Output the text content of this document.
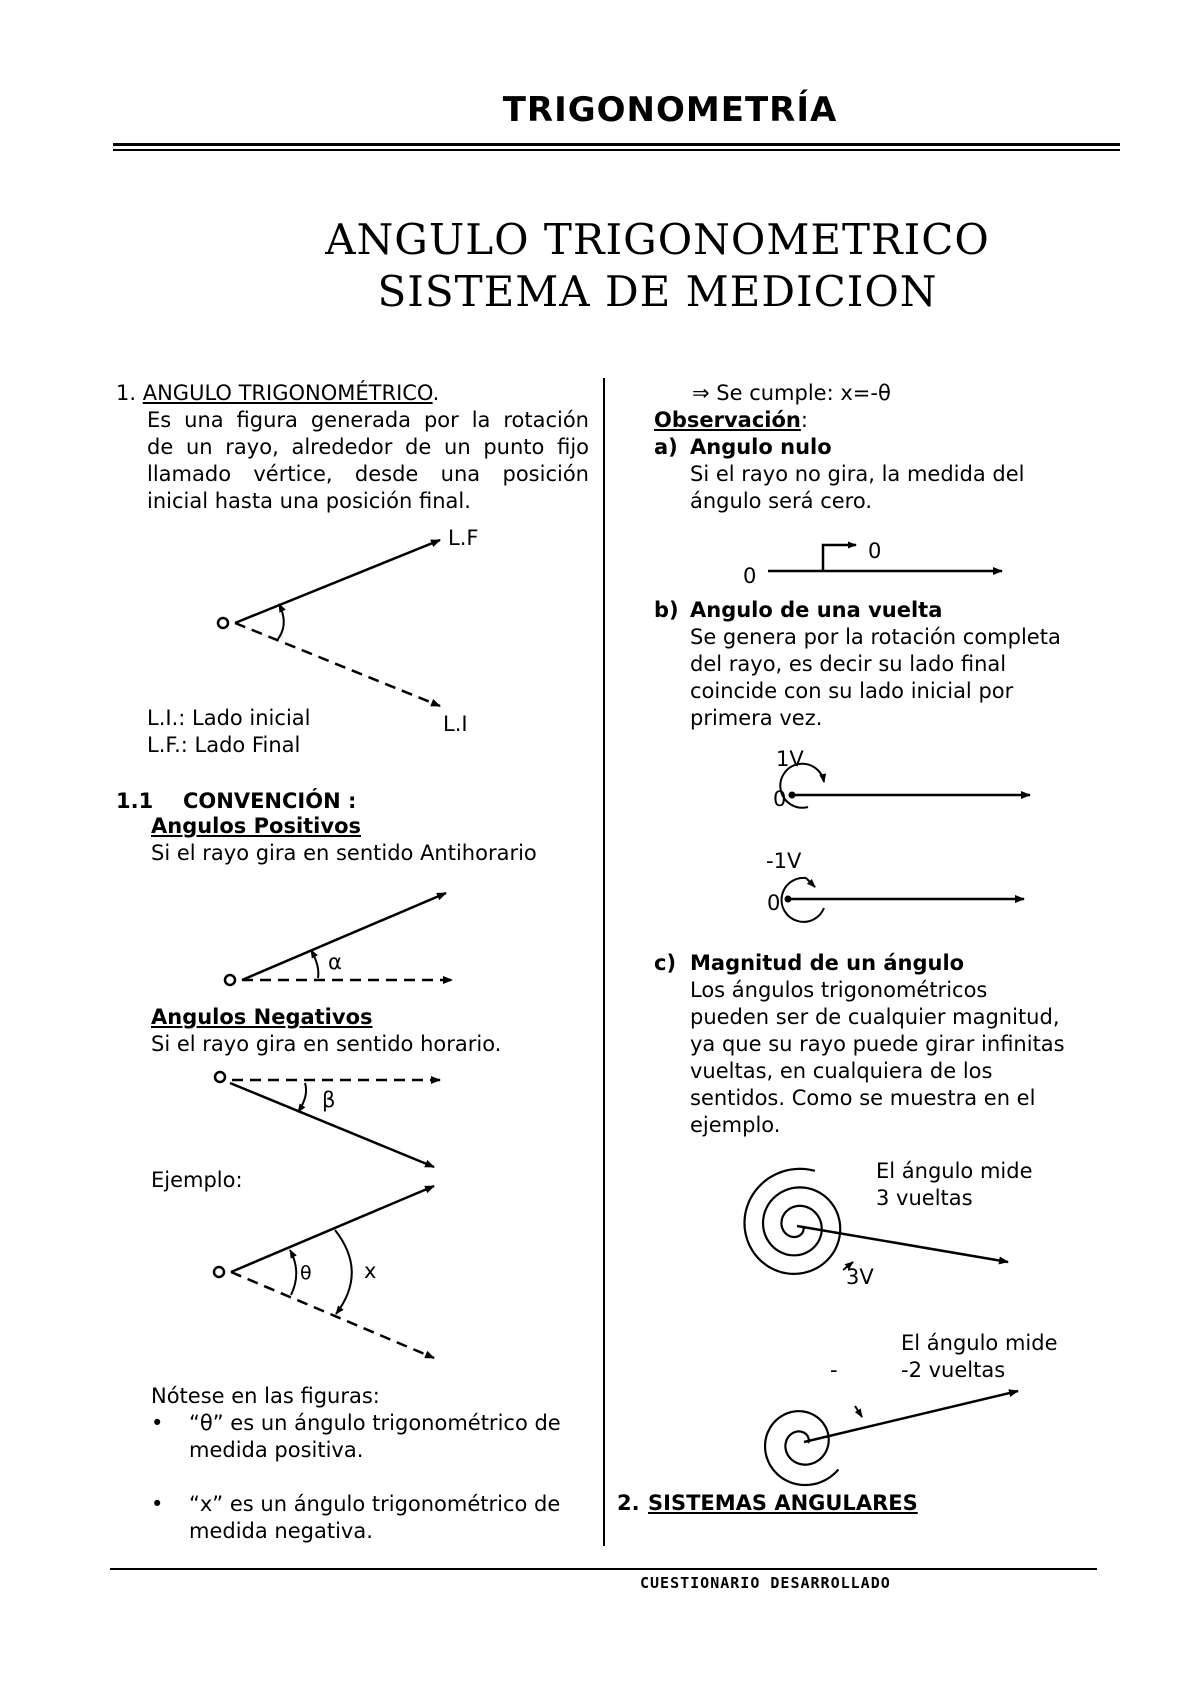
TRIGONOMETRÍA
ANGULO TRIGONOMETRICO
SISTEMA DE MEDICION
1. ANGULO TRIGONOMÉTRICO.
Es una figura generada por la rotación
de un rayo, alrededor de un punto fijo
llamado vértice, desde una posición
inicial hasta una posición final.
L.F
L.I
L.I.: Lado inicial
L.F.: Lado Final
1.1 CONVENCIÓN :
Angulos Positivos
Si el rayo gira en sentido Antihorario
α
Angulos Negativos
Si el rayo gira en sentido horario.
β
Ejemplo:
θ x
Nótese en las figuras:
• “θ” es un ángulo trigonométrico de
medida positiva.
• “x” es un ángulo trigonométrico de
medida negativa.
⇒ Se cumple: x=-θ
Observación:
a) Angulo nulo
Si el rayo no gira, la medida del
ángulo será cero.
0
0
b) Angulo de una vuelta
Se genera por la rotación completa
del rayo, es decir su lado final
coincide con su lado inicial por
primera vez.
1V
0
-1V
0
c) Magnitud de un ángulo
Los ángulos trigonométricos
pueden ser de cualquier magnitud,
ya que su rayo puede girar infinitas
vueltas, en cualquiera de los
sentidos. Como se muestra en el
ejemplo.
El ángulo mide
3 vueltas
3V
El ángulo mide
-2 vueltas
-
2. SISTEMAS ANGULARES
CUESTIONARIO DESARROLLADO
